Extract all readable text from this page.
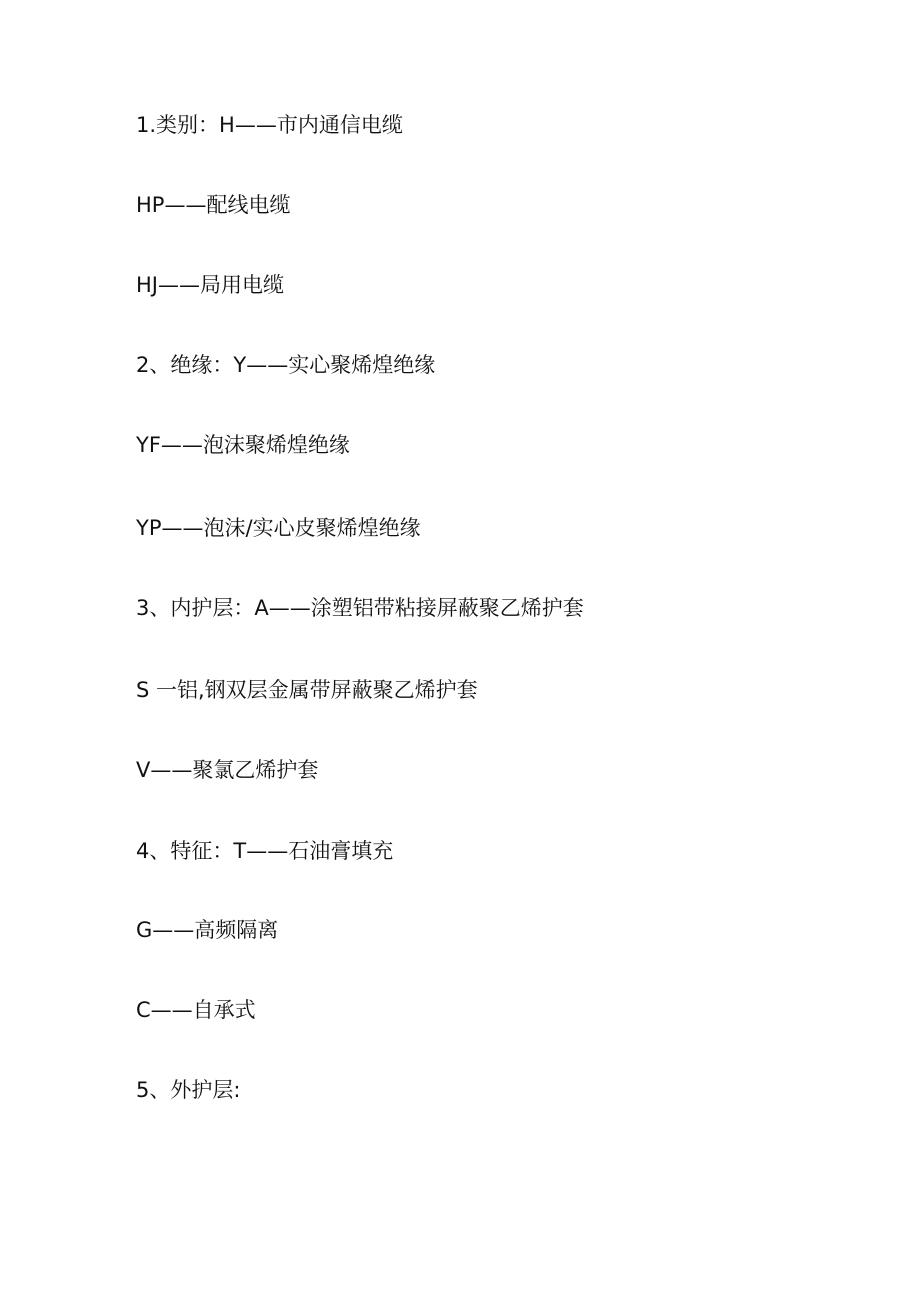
1.类别：H——市内通信电缆

HP——配线电缆

HJ——局用电缆

2、绝缘：Y——实心聚烯煌绝缘

YF——泡沫聚烯煌绝缘

YP——泡沫/实心皮聚烯煌绝缘

3、内护层：A——涂塑铝带粘接屏蔽聚乙烯护套

S 一铝,钢双层金属带屏蔽聚乙烯护套

V——聚氯乙烯护套

4、特征：T——石油膏填充

G——高频隔离

C——自承式

5、外护层:
